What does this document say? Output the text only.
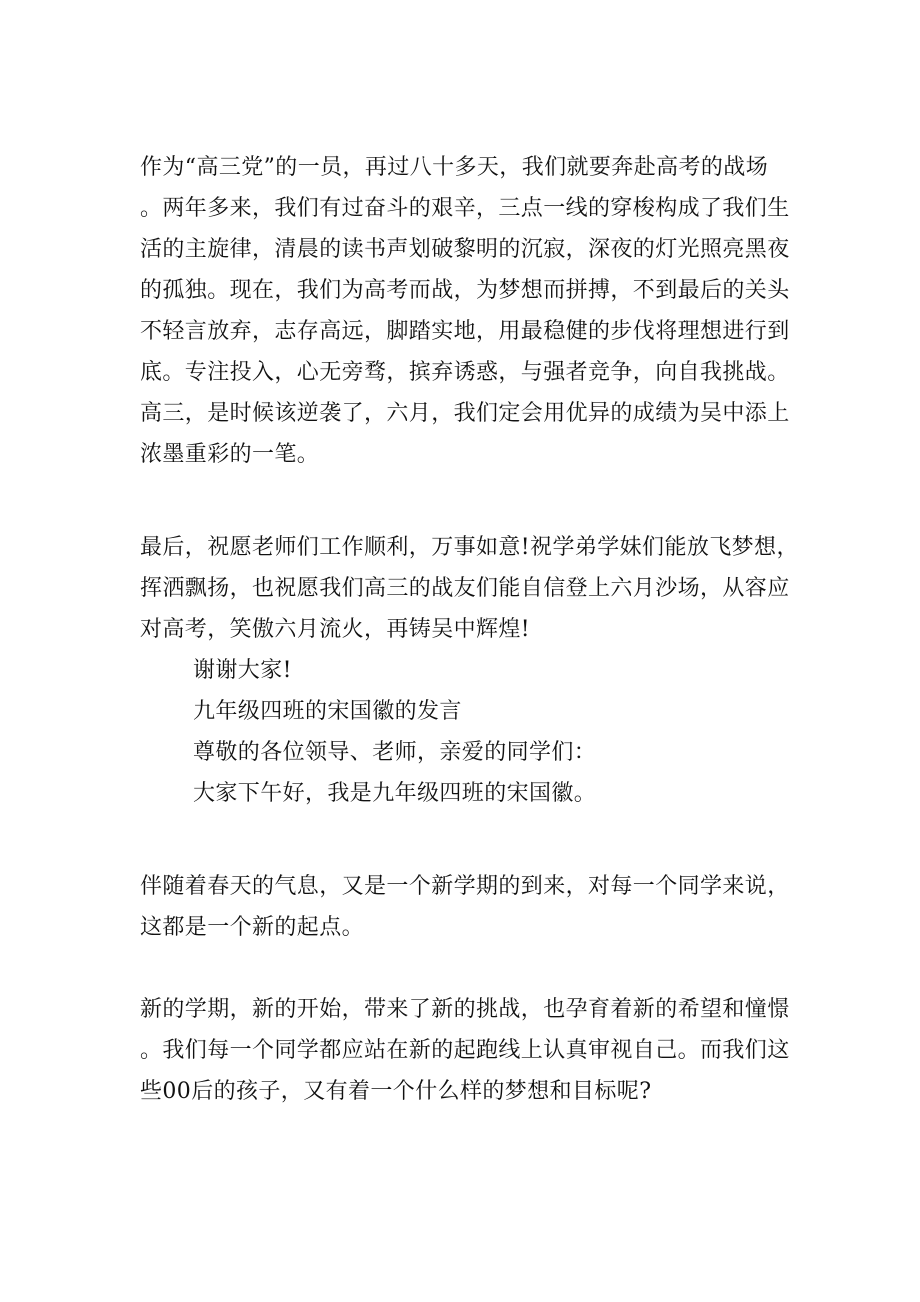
作为“高三党”的一员，再过八十多天，我们就要奔赴高考的战场
。两年多来，我们有过奋斗的艰辛，三点一线的穿梭构成了我们生
活的主旋律，清晨的读书声划破黎明的沉寂，深夜的灯光照亮黑夜
的孤独。现在，我们为高考而战，为梦想而拼搏，不到最后的关头
不轻言放弃，志存高远，脚踏实地，用最稳健的步伐将理想进行到
底。专注投入，心无旁骛，摈弃诱惑，与强者竞争，向自我挑战。
高三，是时候该逆袭了，六月，我们定会用优异的成绩为吴中添上
浓墨重彩的一笔。
最后，祝愿老师们工作顺利，万事如意!祝学弟学妹们能放飞梦想，
挥洒飘扬，也祝愿我们高三的战友们能自信登上六月沙场，从容应
对高考，笑傲六月流火，再铸吴中辉煌!
谢谢大家!
九年级四班的宋国徽的发言
尊敬的各位领导、老师，亲爱的同学们：
大家下午好，我是九年级四班的宋国徽。
伴随着春天的气息，又是一个新学期的到来，对每一个同学来说，
这都是一个新的起点。
新的学期，新的开始，带来了新的挑战，也孕育着新的希望和憧憬
。我们每一个同学都应站在新的起跑线上认真审视自己。而我们这
些00后的孩子，又有着一个什么样的梦想和目标呢?
